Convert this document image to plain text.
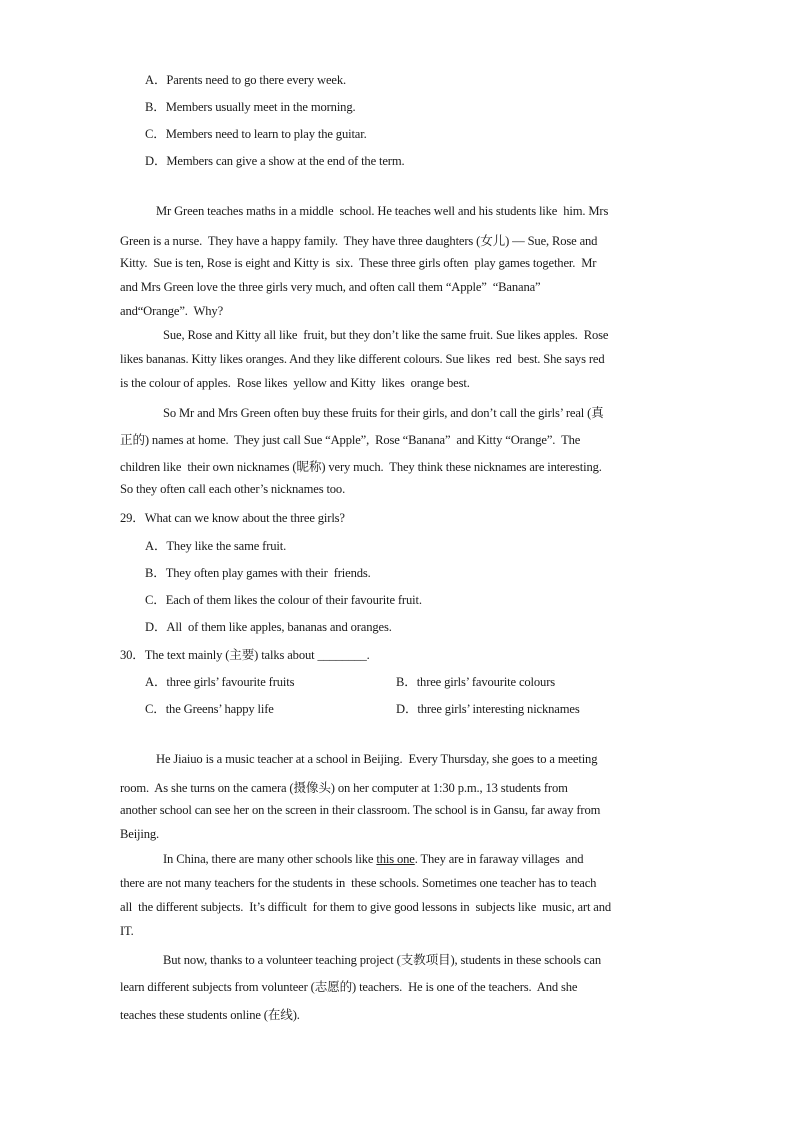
A．Parents need to go there every week.
B．Members usually meet in the morning.
C．Members need to learn to play the guitar.
D．Members can give a show at the end of the term.
Mr Green teaches maths in a middle  school. He teaches well and his students like  him. Mrs
Green is a nurse.  They have a happy family.  They have three daughters (女儿) — Sue, Rose and
Kitty.  Sue is ten, Rose is eight and Kitty is  six.  These three girls often  play games together.  Mr
and Mrs Green love the three girls very much, and often call them “Apple”  “Banana”
and“Orange”.  Why?
Sue, Rose and Kitty all like  fruit, but they don’t like the same fruit. Sue likes apples.  Rose
likes bananas. Kitty likes oranges. And they like different colours. Sue likes  red  best. She says red
is the colour of apples.  Rose likes  yellow and Kitty  likes  orange best.
So Mr and Mrs Green often buy these fruits for their girls, and don’t call the girls’ real (真
正的) names at home.  They just call Sue “Apple”,  Rose “Banana”  and Kitty “Orange”.  The
children like  their own nicknames (昵称) very much.  They think these nicknames are interesting.
So they often call each other’s nicknames too.
29．What can we know about the three girls?
A．They like the same fruit.
B．They often play games with their  friends.
C．Each of them likes the colour of their favourite fruit.
D．All  of them like apples, bananas and oranges.
30．The text mainly (主要) talks about ________.
A．three girls’ favourite fruits	B．three girls’ favourite colours
C．the Greens’ happy life	D．three girls’ interesting nicknames
He Jiaiuo is a music teacher at a school in Beijing.  Every Thursday, she goes to a meeting
room.  As she turns on the camera (摄像头) on her computer at 1:30 p.m., 13 students from
another school can see her on the screen in their classroom. The school is in Gansu, far away from
Beijing.
In China, there are many other schools like this one. They are in faraway villages  and
there are not many teachers for the students in  these schools. Sometimes one teacher has to teach
all  the different subjects.  It’s difficult  for them to give good lessons in  subjects like  music, art and
IT.
But now, thanks to a volunteer teaching project (支教项目), students in these schools can
learn different subjects from volunteer (志愿的) teachers.  He is one of the teachers.  And she
teaches these students online (在线).
